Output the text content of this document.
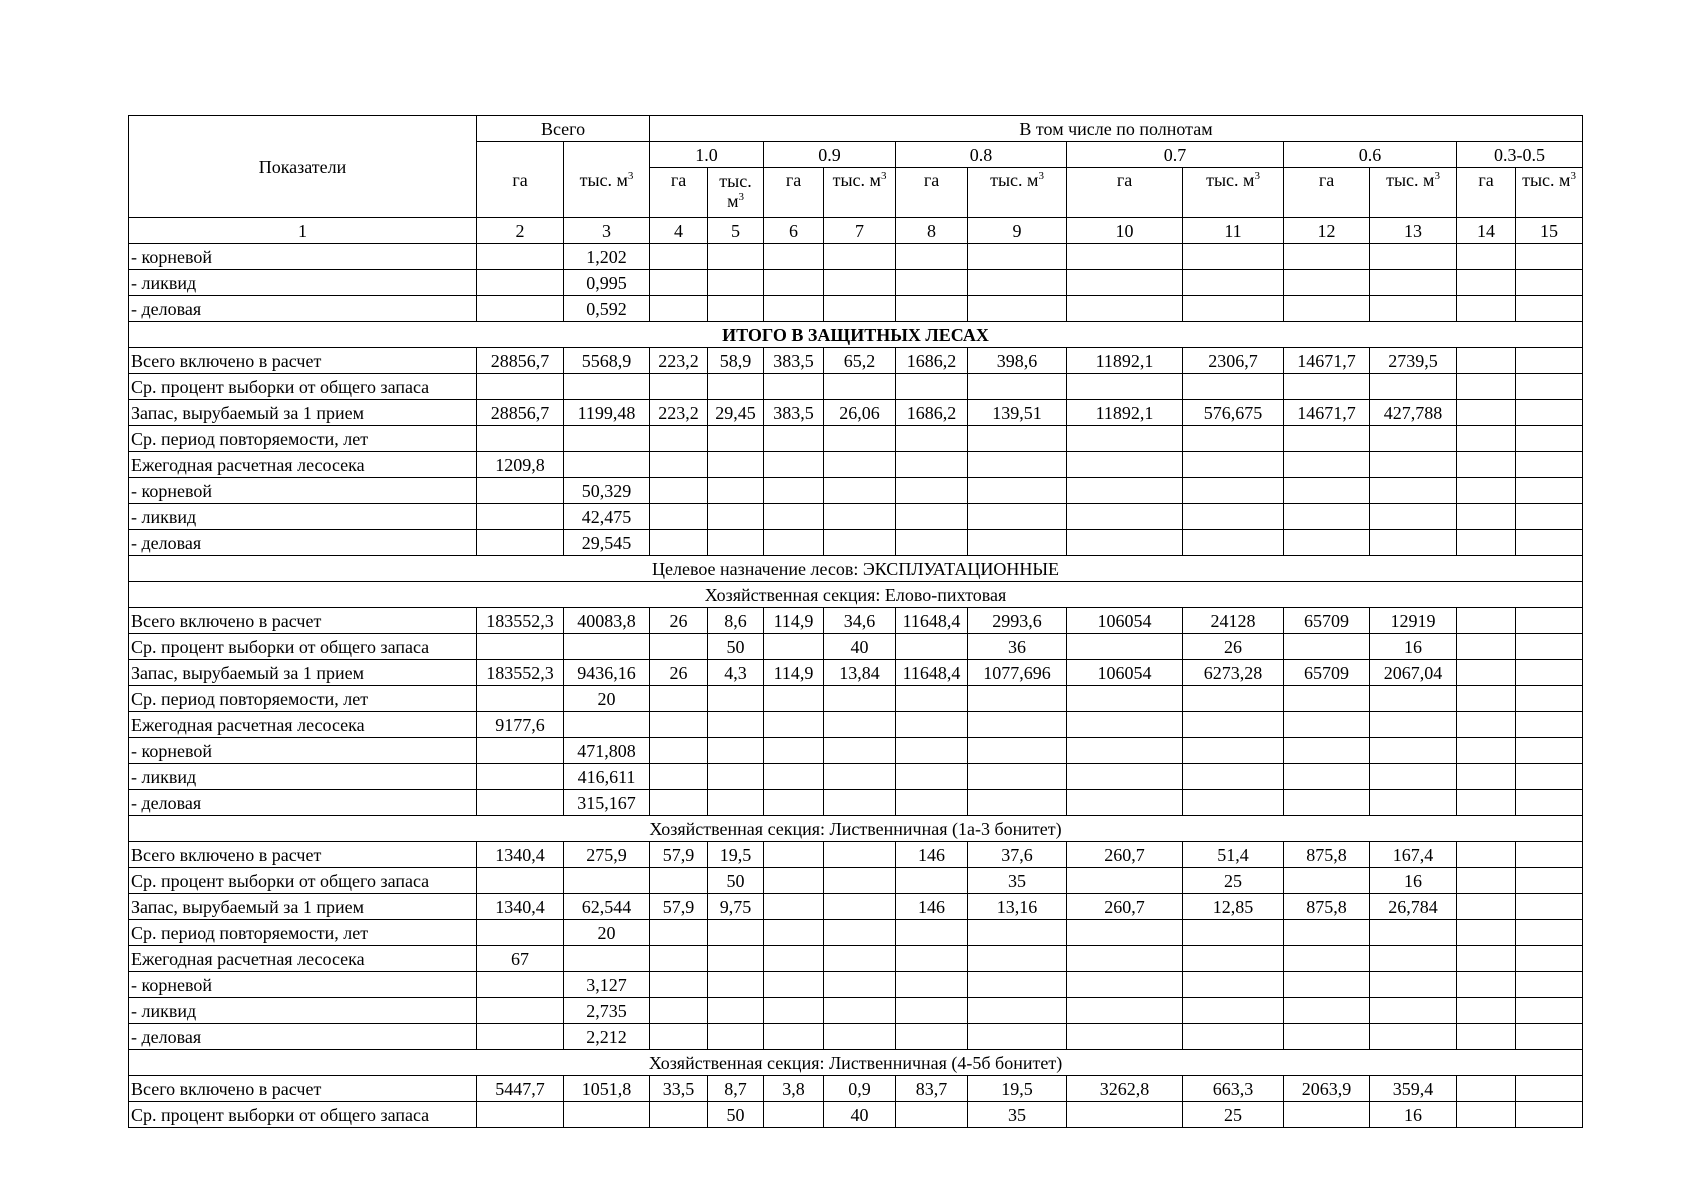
Показатели	Всего		В том числе по полнотам											
	га	тыс. $м^3$	1.0		0.9		0.8		0.7		0.6		0.3-0.5	
			га	тыс. $м^3$	га	тыс. $м^3$	га	тыс. $м^3$	га	тыс. $м^3$	га	тыс. $м^3$	га	тыс. $м^3$
1	2	3	4	5	6	7	8	9	10	11	12	13	14	15
- корневой		1,202												
- ликвид		0,995												
- деловая		0,592												
ИТОГО В ЗАЩИТНЫХ ЛЕСАХ														
Всего включено в расчет	28856,7	5568,9	223,2	58,9	383,5	65,2	1686,2	398,6	11892,1	2306,7	14671,7	2739,5		
Ср. процент выборки от общего запаса														
Запас, вырубаемый за 1 прием	28856,7	1199,48	223,2	29,45	383,5	26,06	1686,2	139,51	11892,1	576,675	14671,7	427,788		
Ср. период повторяемости, лет														
Ежегодная расчетная лесосека	1209,8													
- корневой		50,329												
- ликвид		42,475												
- деловая		29,545												
Целевое назначение лесов: ЭКСПЛУАТАЦИОННЫЕ														
Хозяйственная секция: Елово-пихтовая														
Всего включено в расчет	183552,3	40083,8	26	8,6	114,9	34,6	11648,4	2993,6	106054	24128	65709	12919		
Ср. процент выборки от общего запаса				50		40		36		26		16		
Запас, вырубаемый за 1 прием	183552,3	9436,16	26	4,3	114,9	13,84	11648,4	1077,696	106054	6273,28	65709	2067,04		
Ср. период повторяемости, лет		20												
Ежегодная расчетная лесосека	9177,6													
- корневой		471,808												
- ликвид		416,611												
- деловая		315,167												
Хозяйственная секция: Лиственничная (1а-3 бонитет)														
Всего включено в расчет	1340,4	275,9	57,9	19,5			146	37,6	260,7	51,4	875,8	167,4		
Ср. процент выборки от общего запаса				50				35		25		16		
Запас, вырубаемый за 1 прием	1340,4	62,544	57,9	9,75			146	13,16	260,7	12,85	875,8	26,784		
Ср. период повторяемости, лет		20												
Ежегодная расчетная лесосека	67													
- корневой		3,127												
- ликвид		2,735												
- деловая		2,212												
Хозяйственная секция: Лиственничная (4-5б бонитет)														
Всего включено в расчет	5447,7	1051,8	33,5	8,7	3,8	0,9	83,7	19,5	3262,8	663,3	2063,9	359,4		
Ср. процент выборки от общего запаса				50		40		35		25		16		
